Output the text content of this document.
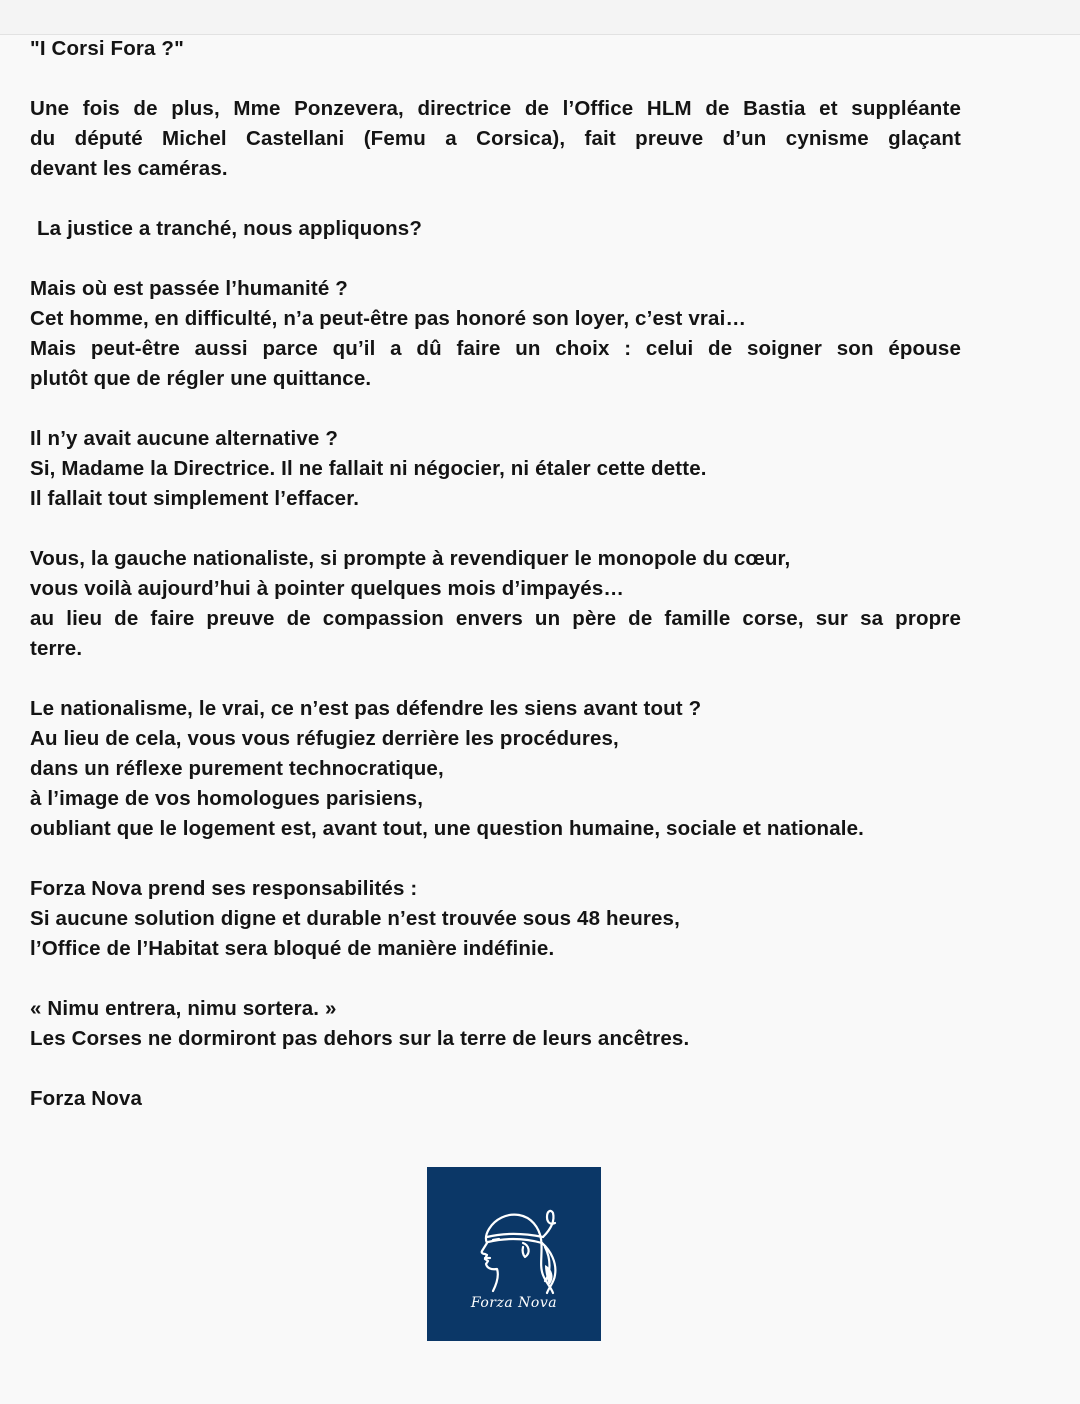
"I Corsi Fora ?"
Une fois de plus, Mme Ponzevera, directrice de l’Office HLM de Bastia et suppléante
du député Michel Castellani (Femu a Corsica), fait preuve d’un cynisme glaçant
devant les caméras.
La justice a tranché, nous appliquons?
Mais où est passée l’humanité ?
Cet homme, en difficulté, n’a peut-être pas honoré son loyer, c’est vrai…
Mais peut-être aussi parce qu’il a dû faire un choix : celui de soigner son épouse
plutôt que de régler une quittance.
Il n’y avait aucune alternative ?
Si, Madame la Directrice. Il ne fallait ni négocier, ni étaler cette dette.
Il fallait tout simplement l’effacer.
Vous, la gauche nationaliste, si prompte à revendiquer le monopole du cœur,
vous voilà aujourd’hui à pointer quelques mois d’impayés…
au lieu de faire preuve de compassion envers un père de famille corse, sur sa propre
terre.
Le nationalisme, le vrai, ce n’est pas défendre les siens avant tout ?
Au lieu de cela, vous vous réfugiez derrière les procédures,
dans un réflexe purement technocratique,
à l’image de vos homologues parisiens,
oubliant que le logement est, avant tout, une question humaine, sociale et nationale.
Forza Nova prend ses responsabilités :
Si aucune solution digne et durable n’est trouvée sous 48 heures,
l’Office de l’Habitat sera bloqué de manière indéfinie.
« Nimu entrera, nimu sortera. »
Les Corses ne dormiront pas dehors sur la terre de leurs ancêtres.
Forza Nova
Forza Nova
